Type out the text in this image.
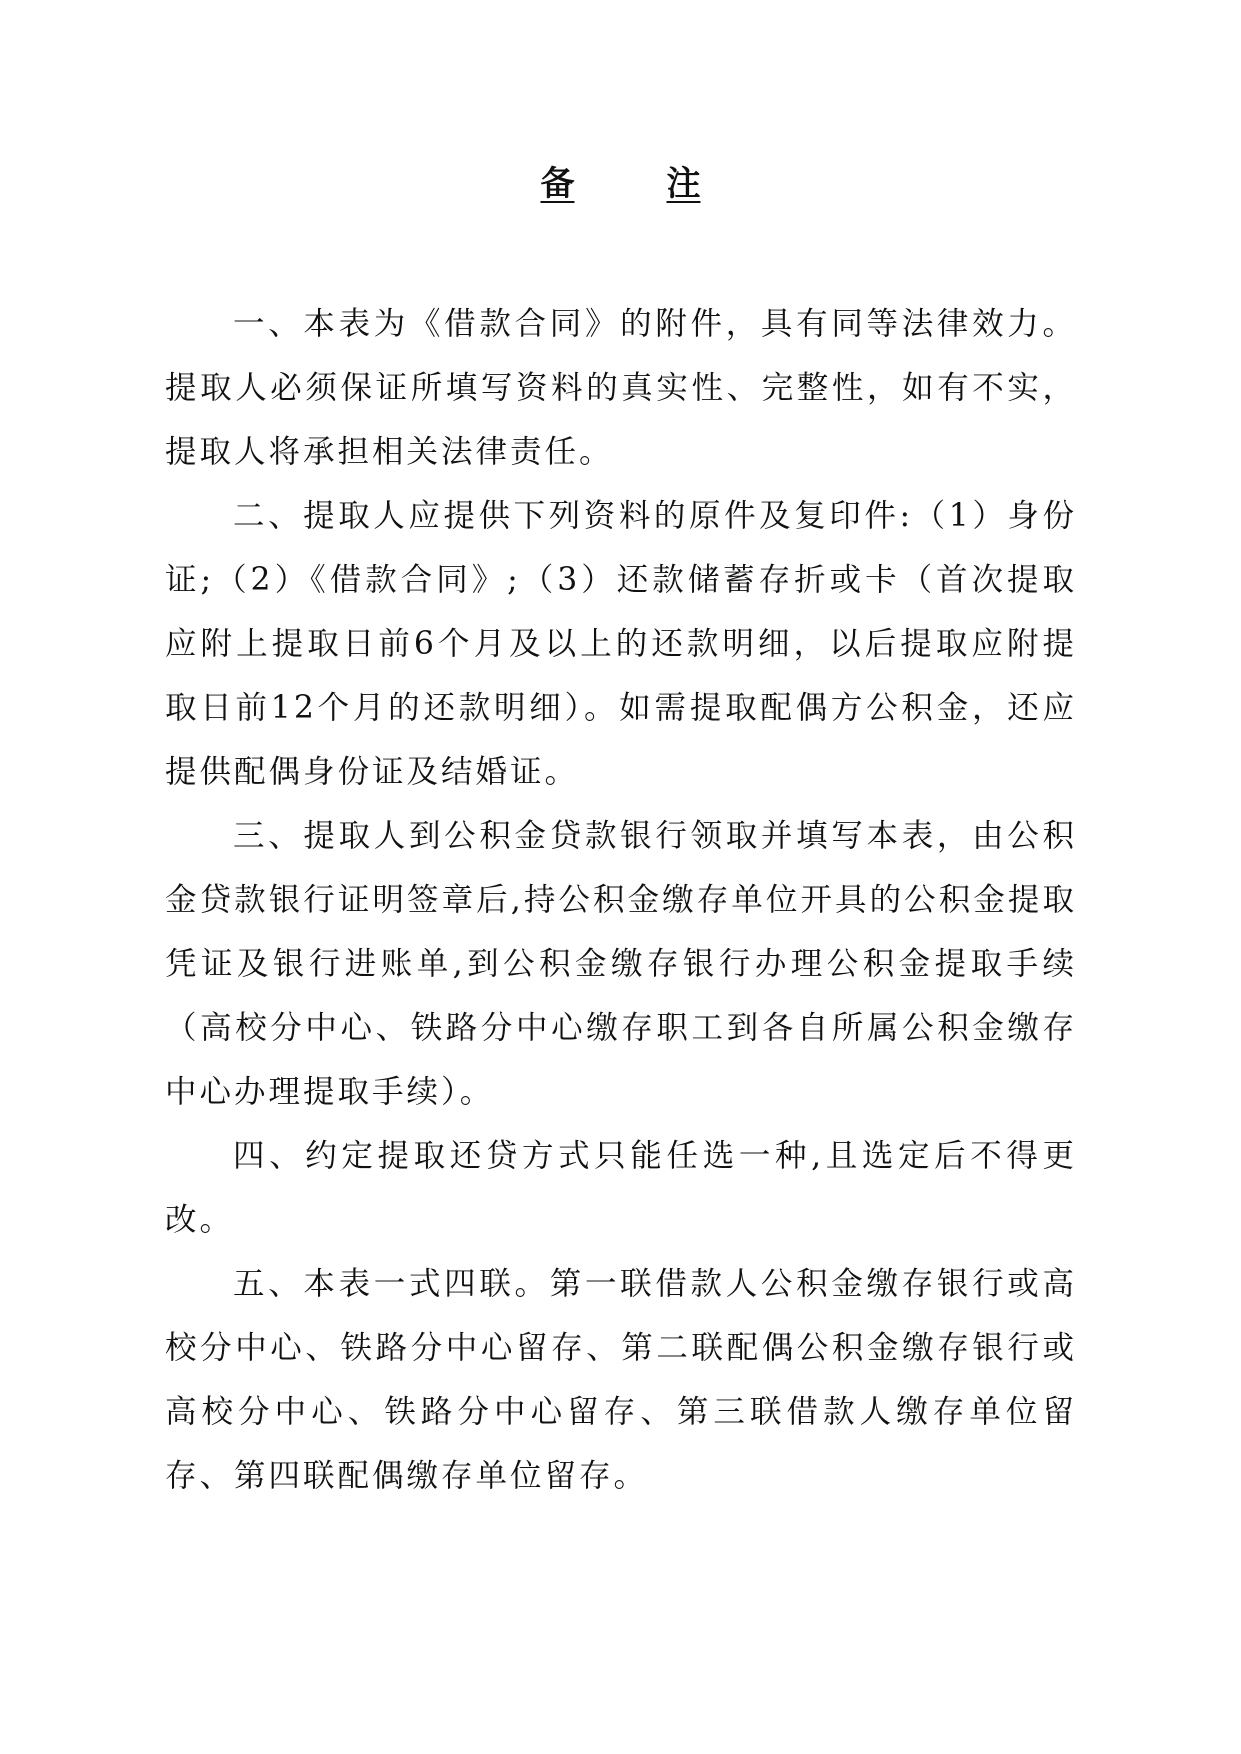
备	注

一、本表为《借款合同》的附件，具有同等法律效力。提取人必须保证所填写资料的真实性、完整性，如有不实，提取人将承担相关法律责任。

二、提取人应提供下列资料的原件及复印件:（1）身份证;（2）《借款合同》;（3）还款储蓄存折或卡（首次提取应附上提取日前6个月及以上的还款明细，以后提取应附提取日前12个月的还款明细）。如需提取配偶方公积金，还应提供配偶身份证及结婚证。

三、提取人到公积金贷款银行领取并填写本表，由公积金贷款银行证明签章后,持公积金缴存单位开具的公积金提取凭证及银行进账单,到公积金缴存银行办理公积金提取手续（高校分中心、铁路分中心缴存职工到各自所属公积金缴存中心办理提取手续）。

四、约定提取还贷方式只能任选一种,且选定后不得更改。

五、本表一式四联。第一联借款人公积金缴存银行或高校分中心、铁路分中心留存、第二联配偶公积金缴存银行或高校分中心、铁路分中心留存、第三联借款人缴存单位留存、第四联配偶缴存单位留存。
